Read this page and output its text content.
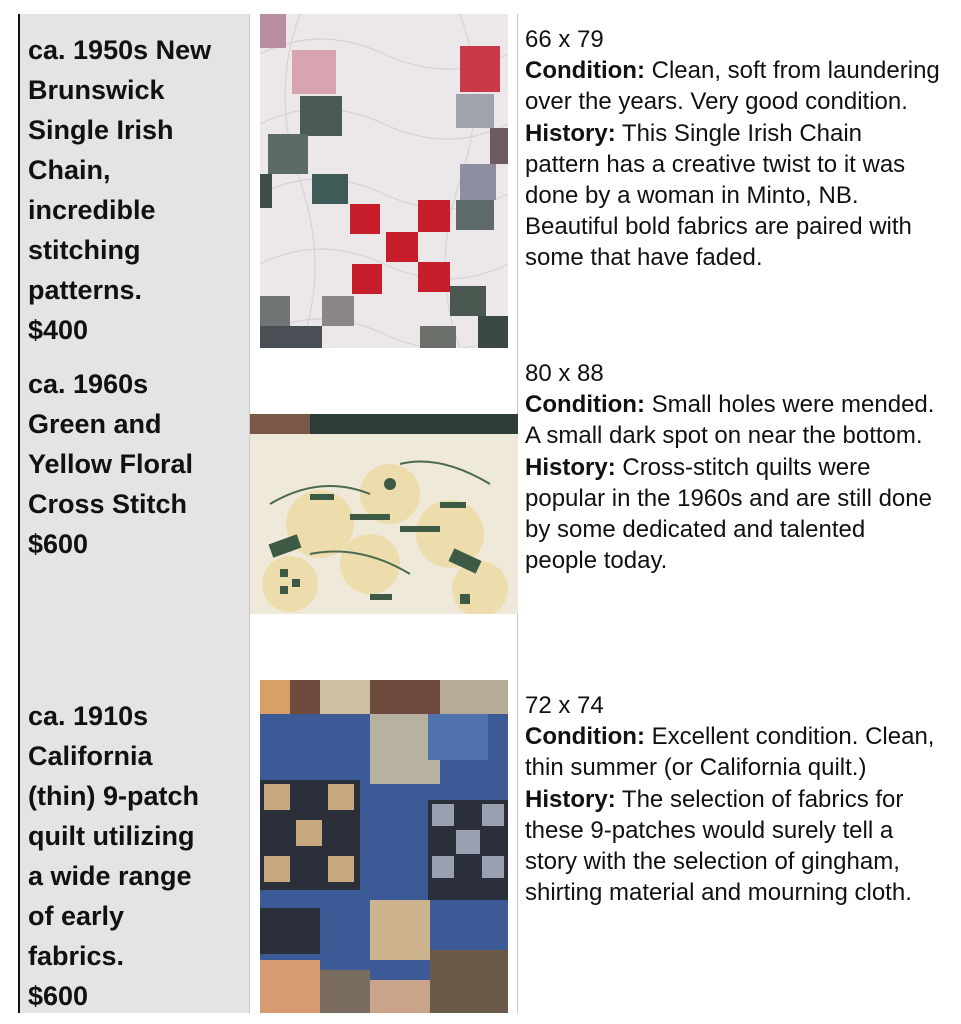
ca. 1950s New
Brunswick
Single Irish
Chain,
incredible
stitching
patterns.
$400

66 x 79

Condition: Clean, soft from laundering over the years. Very good condition.

History: This Single Irish Chain pattern has a creative twist to it was done by a woman in Minto, NB.

Beautiful bold fabrics are paired with some that have faded.

ca. 1960s
Green and
Yellow Floral
Cross Stitch
$600

80 x 88

Condition: Small holes were mended. A small dark spot on near the bottom.

History: Cross-stitch quilts were popular in the 1960s and are still done by some dedicated and talented people today.

ca. 1910s
California
(thin) 9-patch
quilt utilizing
a wide range
of early
fabrics.
$600

72 x 74

Condition: Excellent condition. Clean, thin summer (or California quilt.)

History: The selection of fabrics for these 9-patches would surely tell a story with the selection of gingham, shirting material and mourning cloth.
